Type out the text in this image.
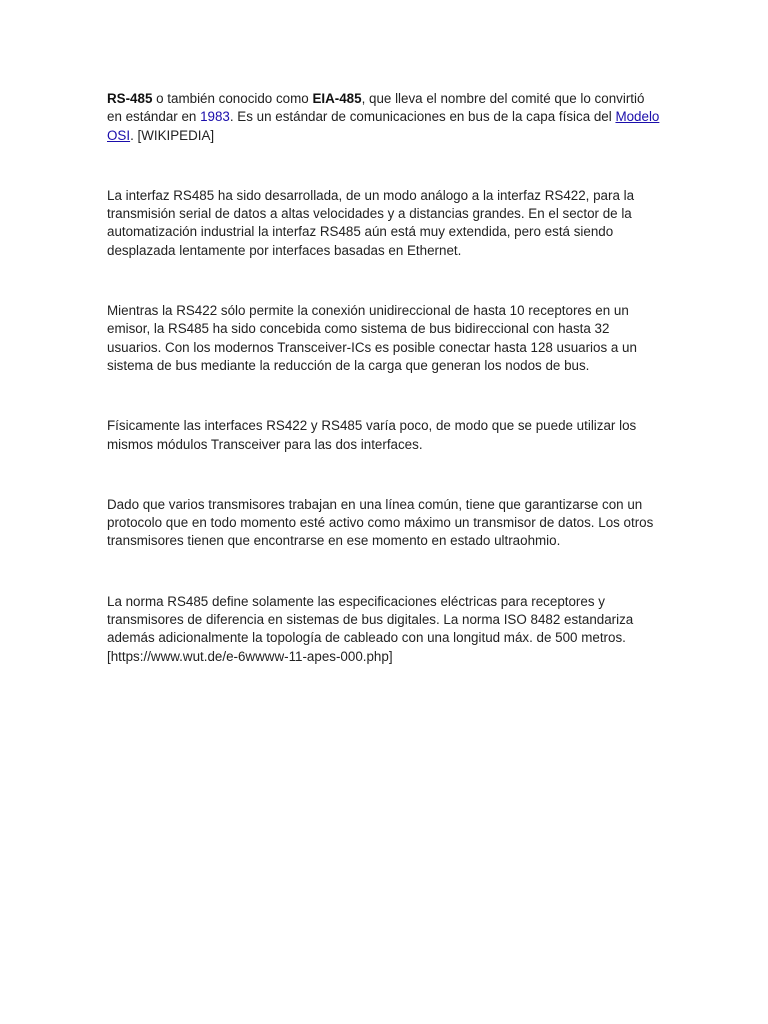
RS-485 o también conocido como EIA-485, que lleva el nombre del comité que lo convirtió en estándar en 1983. Es un estándar de comunicaciones en bus de la capa física del Modelo OSI. [WIKIPEDIA]

La interfaz RS485 ha sido desarrollada, de un modo análogo a la interfaz RS422, para la transmisión serial de datos a altas velocidades y a distancias grandes. En el sector de la automatización industrial la interfaz RS485 aún está muy extendida, pero está siendo desplazada lentamente por interfaces basadas en Ethernet.

Mientras la RS422 sólo permite la conexión unidireccional de hasta 10 receptores en un emisor, la RS485 ha sido concebida como sistema de bus bidireccional con hasta 32 usuarios. Con los modernos Transceiver-ICs es posible conectar hasta 128 usuarios a un sistema de bus mediante la reducción de la carga que generan los nodos de bus.

Físicamente las interfaces RS422 y RS485 varía poco, de modo que se puede utilizar los mismos módulos Transceiver para las dos interfaces.

Dado que varios transmisores trabajan en una línea común, tiene que garantizarse con un protocolo que en todo momento esté activo como máximo un transmisor de datos. Los otros transmisores tienen que encontrarse en ese momento en estado ultraohmio.

La norma RS485 define solamente las especificaciones eléctricas para receptores y transmisores de diferencia en sistemas de bus digitales. La norma ISO 8482 estandariza además adicionalmente la topología de cableado con una longitud máx. de 500 metros. [https://www.wut.de/e-6wwww-11-apes-000.php]
